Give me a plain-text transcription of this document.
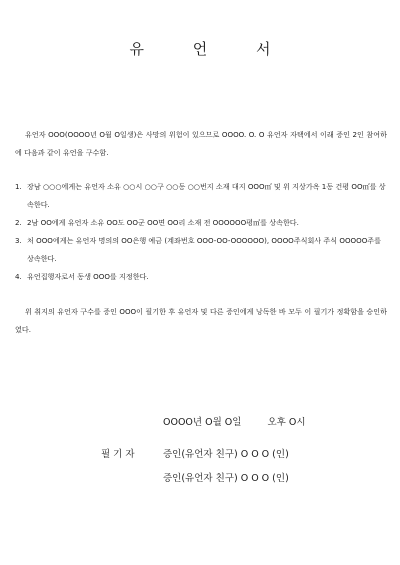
유 언 서
유언자 OOO(OOOO년 O월 O일생)은 사망의 위험이 있으므로 OOOO. O. O 유언자 자택에서 이래 증인 2인 참여하에 다음과 같이 유언을 구수함.
1. 장남 ○○○에게는 유언자 소유 ○○시 ○○구 ○○동 ○○번지 소재 대지 OOO㎡ 및 위 지상가옥 1동 건평 OO㎡를 상속한다.
2. 2남 OO에게 유언자 소유 OO도 OO군 OO면 OO리 소재 전 OOOOOO평㎡를 상속한다.
3. 처 OOO에게는 유언자 명의의 OO은행 예금 (계좌번호 OOO-OO-OOOOOO), OOOO주식회사 주식 OOOOO주를 상속한다.
4. 유언집행자로서 동생 OOO를 지정한다.
위 취지의 유언자 구수를 증인 OOO이 필기한 후 유언자 및 다른 증인에게 낭독한 바 모두 이 필기가 정확함을 승인하였다.
OOOO년 O월 O일	오후 O시
필기자	증인(유언자 친구) O O O (인)
증인(유언자 친구) O O O (인)
